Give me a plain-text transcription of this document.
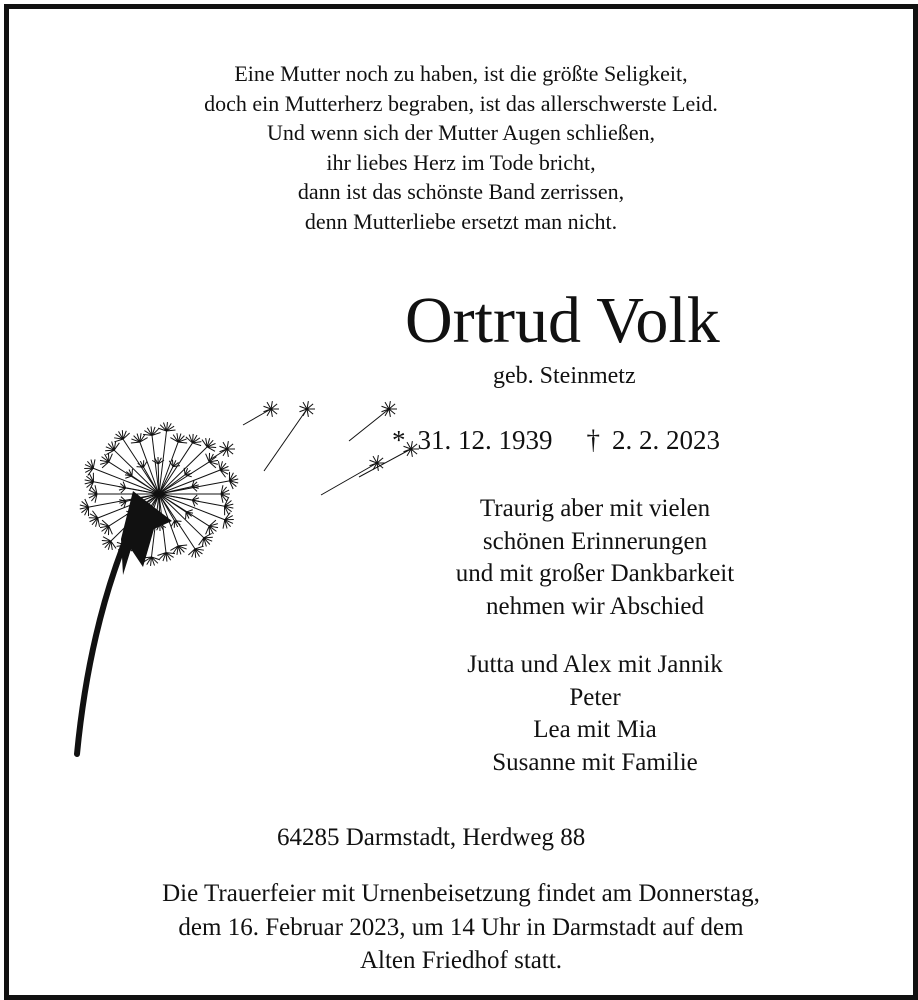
Eine Mutter noch zu haben, ist die größte Seligkeit,
doch ein Mutterherz begraben, ist das allerschwerste Leid.
Und wenn sich der Mutter Augen schließen,
ihr liebes Herz im Tode bricht,
dann ist das schönste Band zerrissen,
denn Mutterliebe ersetzt man nicht.
Ortrud Volk
geb. Steinmetz
* 31. 12. 1939 † 2. 2. 2023
Traurig aber mit vielen
schönen Erinnerungen
und mit großer Dankbarkeit
nehmen wir Abschied
Jutta und Alex mit Jannik
Peter
Lea mit Mia
Susanne mit Familie
64285 Darmstadt, Herdweg 88
Die Trauerfeier mit Urnenbeisetzung findet am Donnerstag,
dem 16. Februar 2023, um 14 Uhr in Darmstadt auf dem
Alten Friedhof statt.
